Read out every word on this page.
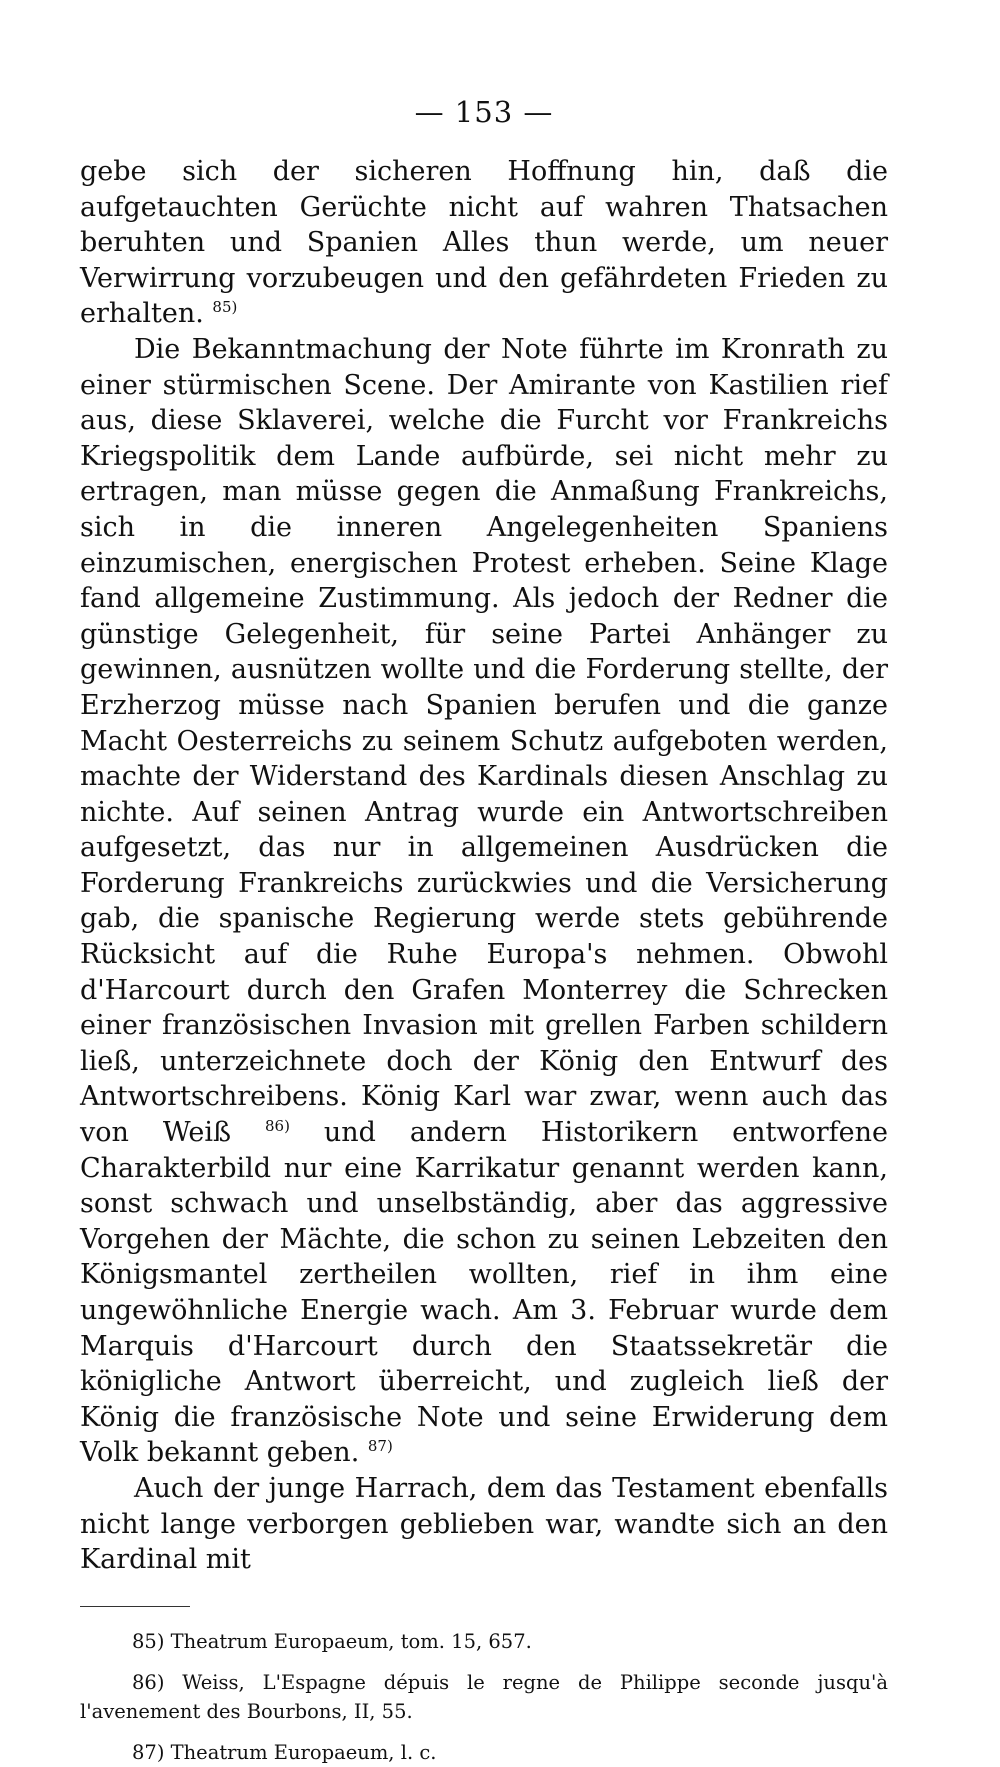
— 153 —

gebe sich der sicheren Hoffnung hin, daß die aufgetauchten Gerüchte nicht auf wahren Thatsachen beruhten und Spanien Alles thun werde, um neuer Verwirrung vorzubeugen und den gefährdeten Frieden zu erhalten. $^{85)}$

Die Bekanntmachung der Note führte im Kronrath zu einer stürmischen Scene. Der Amirante von Kastilien rief aus, diese Sklaverei, welche die Furcht vor Frankreichs Kriegspolitik dem Lande aufbürde, sei nicht mehr zu ertragen, man müsse gegen die Anmaßung Frankreichs, sich in die inneren Angelegenheiten Spaniens einzumischen, energischen Protest erheben. Seine Klage fand allgemeine Zustimmung. Als jedoch der Redner die günstige Gelegenheit, für seine Partei Anhänger zu gewinnen, ausnützen wollte und die Forderung stellte, der Erzherzog müsse nach Spanien berufen und die ganze Macht Oesterreichs zu seinem Schutz aufgeboten werden, machte der Widerstand des Kardinals diesen Anschlag zu nichte. Auf seinen Antrag wurde ein Antwortschreiben aufgesetzt, das nur in allgemeinen Ausdrücken die Forderung Frankreichs zurückwies und die Versicherung gab, die spanische Regierung werde stets gebührende Rücksicht auf die Ruhe Europa's nehmen. Obwohl d'Harcourt durch den Grafen Monterrey die Schrecken einer französischen Invasion mit grellen Farben schildern ließ, unterzeichnete doch der König den Entwurf des Antwortschreibens. König Karl war zwar, wenn auch das von Weiß $^{86)}$ und andern Historikern entworfene Charakterbild nur eine Karrikatur genannt werden kann, sonst schwach und unselbständig, aber das aggressive Vorgehen der Mächte, die schon zu seinen Lebzeiten den Königsmantel zertheilen wollten, rief in ihm eine ungewöhnliche Energie wach. Am 3. Februar wurde dem Marquis d'Harcourt durch den Staatssekretär die königliche Antwort überreicht, und zugleich ließ der König die französische Note und seine Erwiderung dem Volk bekannt geben. $^{87)}$

Auch der junge Harrach, dem das Testament ebenfalls nicht lange verborgen geblieben war, wandte sich an den Kardinal mit

85) Theatrum Europaeum, tom. 15, 657.

86) Weiss, L'Espagne dépuis le regne de Philippe seconde jusqu'à l'avenement des Bourbons, II, 55.

87) Theatrum Europaeum, l. c.
